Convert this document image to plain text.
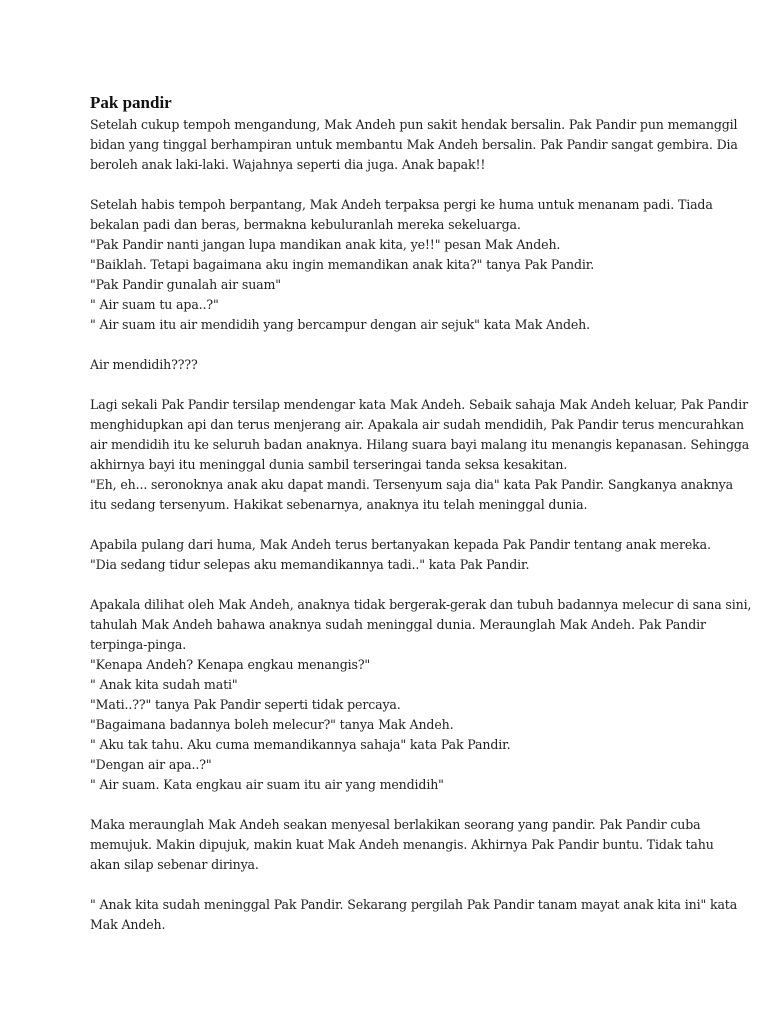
Pak pandir
Setelah cukup tempoh mengandung, Mak Andeh pun sakit hendak bersalin. Pak Pandir pun memanggil
bidan yang tinggal berhampiran untuk membantu Mak Andeh bersalin. Pak Pandir sangat gembira. Dia
beroleh anak laki-laki. Wajahnya seperti dia juga. Anak bapak!!
Setelah habis tempoh berpantang, Mak Andeh terpaksa pergi ke huma untuk menanam padi. Tiada
bekalan padi dan beras, bermakna kebuluranlah mereka sekeluarga.
"Pak Pandir nanti jangan lupa mandikan anak kita, ye!!" pesan Mak Andeh.
"Baiklah. Tetapi bagaimana aku ingin memandikan anak kita?" tanya Pak Pandir.
"Pak Pandir gunalah air suam"
" Air suam tu apa..?"
" Air suam itu air mendidih yang bercampur dengan air sejuk" kata Mak Andeh.
Air mendidih????
Lagi sekali Pak Pandir tersilap mendengar kata Mak Andeh. Sebaik sahaja Mak Andeh keluar, Pak Pandir
menghidupkan api dan terus menjerang air. Apakala air sudah mendidih, Pak Pandir terus mencurahkan
air mendidih itu ke seluruh badan anaknya. Hilang suara bayi malang itu menangis kepanasan. Sehingga
akhirnya bayi itu meninggal dunia sambil terseringai tanda seksa kesakitan.
"Eh, eh... seronoknya anak aku dapat mandi. Tersenyum saja dia" kata Pak Pandir. Sangkanya anaknya
itu sedang tersenyum. Hakikat sebenarnya, anaknya itu telah meninggal dunia.
Apabila pulang dari huma, Mak Andeh terus bertanyakan kepada Pak Pandir tentang anak mereka.
"Dia sedang tidur selepas aku memandikannya tadi.." kata Pak Pandir.
Apakala dilihat oleh Mak Andeh, anaknya tidak bergerak-gerak dan tubuh badannya melecur di sana sini,
tahulah Mak Andeh bahawa anaknya sudah meninggal dunia. Meraunglah Mak Andeh. Pak Pandir
terpinga-pinga.
"Kenapa Andeh? Kenapa engkau menangis?"
" Anak kita sudah mati"
"Mati..??" tanya Pak Pandir seperti tidak percaya.
"Bagaimana badannya boleh melecur?" tanya Mak Andeh.
" Aku tak tahu. Aku cuma memandikannya sahaja" kata Pak Pandir.
"Dengan air apa..?"
" Air suam. Kata engkau air suam itu air yang mendidih"
Maka meraunglah Mak Andeh seakan menyesal berlakikan seorang yang pandir. Pak Pandir cuba
memujuk. Makin dipujuk, makin kuat Mak Andeh menangis. Akhirnya Pak Pandir buntu. Tidak tahu
akan silap sebenar dirinya.
" Anak kita sudah meninggal Pak Pandir. Sekarang pergilah Pak Pandir tanam mayat anak kita ini" kata
Mak Andeh.
